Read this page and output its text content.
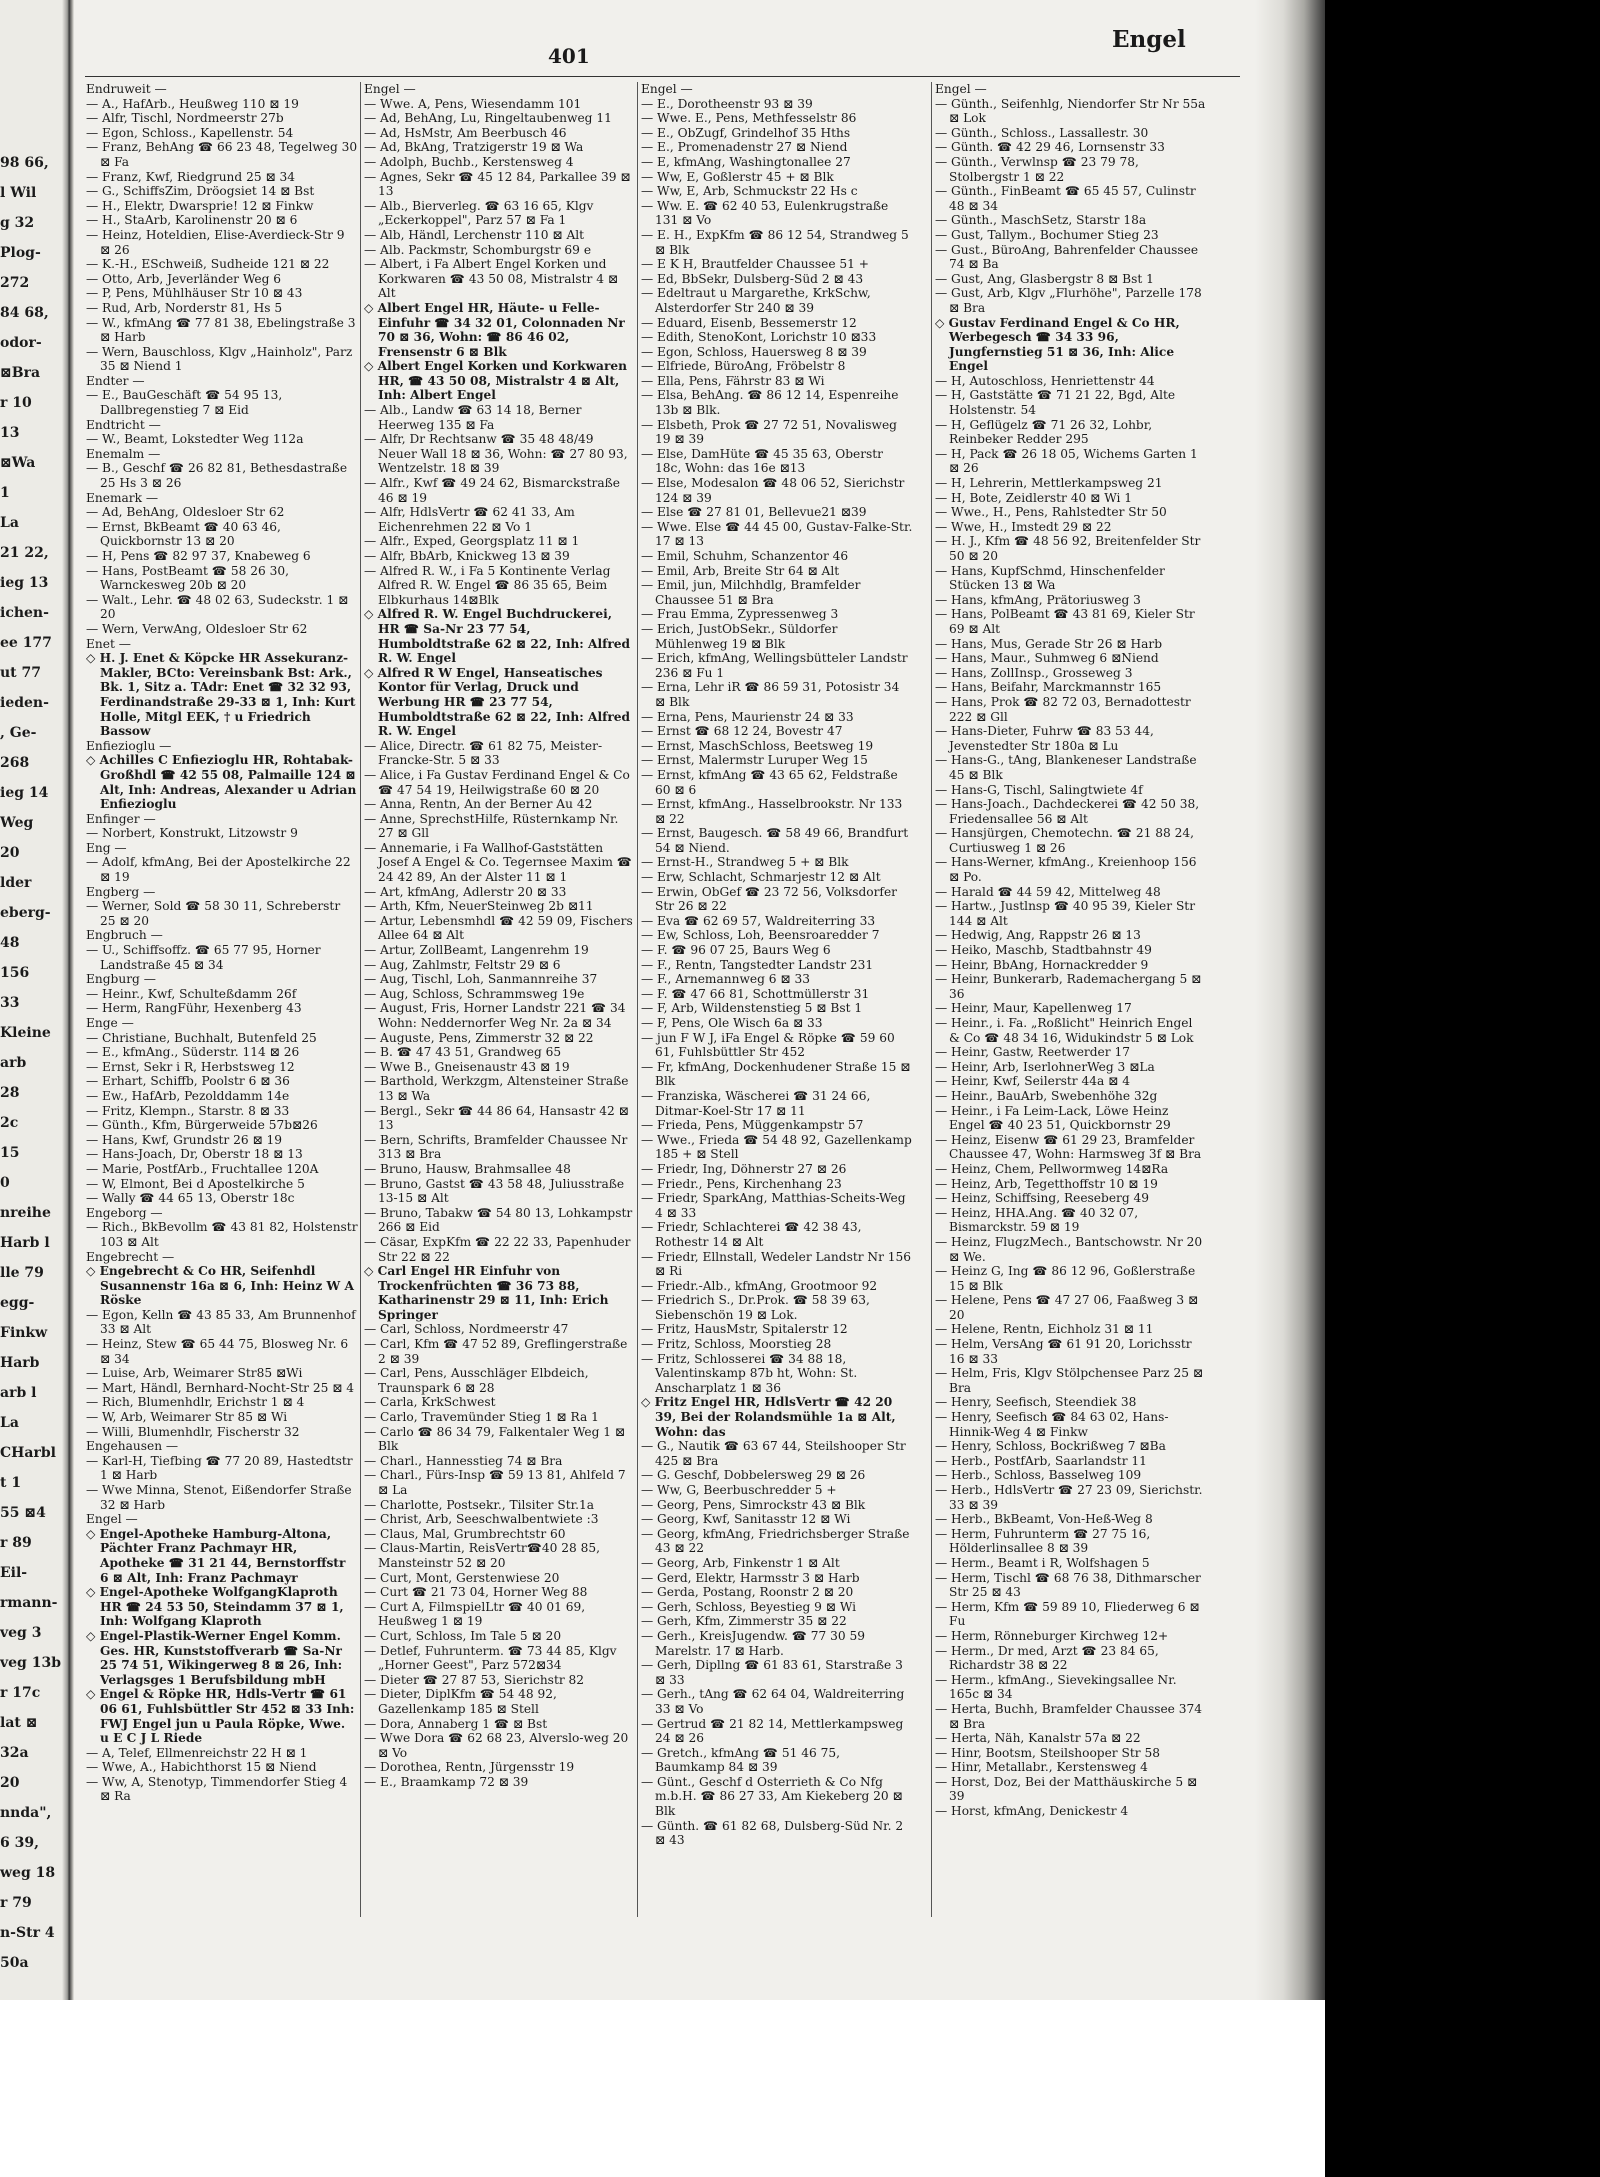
98 66,
l Wil
g 32
Plog-
272
84 68,
odor-
⊠Bra
r 10
13
⊠Wa
1
La
21 22,
ieg 13
ichen-
ee 177
ut 77
ieden-
, Ge-
268
ieg 14
Weg
20
lder
eberg-
48
156
33
Kleine
arb
28
2c
15
0
nreihe
Harb l
lle 79
egg-
Finkw
Harb
arb l
La
CHarbl
t 1
55 ⊠4
r 89
Eil-
rmann-
veg 3
veg 13b
r 17c
lat ⊠
32a
20
nnda",
6 39,
weg 18
r 79
n-Str 4
50a
401
Engel
Endruweit —
— A., HafArb., Heußweg 110 ⊠ 19
— Alfr, Tischl, Nordmeerstr 27b
— Egon, Schloss., Kapellenstr. 54
— Franz, BehAng ☎ 66 23 48, Tegelweg 30 ⊠ Fa
— Franz, Kwf, Riedgrund 25 ⊠ 34
— G., SchiffsZim, Dröogsiet 14 ⊠ Bst
— H., Elektr, Dwarsprie! 12 ⊠ Finkw
— H., StaArb, Karolinenstr 20 ⊠ 6
— Heinz, Hoteldien, Elise-Averdieck-Str 9 ⊠ 26
— K.-H., ESchweiß, Sudheide 121 ⊠ 22
— Otto, Arb, Jeverländer Weg 6
— P, Pens, Mühlhäuser Str 10 ⊠ 43
— Rud, Arb, Norderstr 81, Hs 5
— W., kfmAng ☎ 77 81 38, Ebelingstraße 3 ⊠ Harb
— Wern, Bauschloss, Klgv „Hainholz", Parz 35 ⊠ Niend 1
Endter —
— E., BauGeschäft ☎ 54 95 13, Dallbregenstieg 7 ⊠ Eid
Endtricht —
— W., Beamt, Lokstedter Weg 112a
Enemalm —
— B., Geschf ☎ 26 82 81, Bethesdastraße 25 Hs 3 ⊠ 26
Enemark —
— Ad, BehAng, Oldesloer Str 62
— Ernst, BkBeamt ☎ 40 63 46, Quickbornstr 13 ⊠ 20
— H, Pens ☎ 82 97 37, Knabeweg 6
— Hans, PostBeamt ☎ 58 26 30, Warnckesweg 20b ⊠ 20
— Walt., Lehr. ☎ 48 02 63, Sudeckstr. 1 ⊠ 20
— Wern, VerwAng, Oldesloer Str 62
Enet —
◇ H. J. Enet & Köpcke HR Assekuranz-Makler, BCto: Vereinsbank Bst: Ark., Bk. 1, Sitz a. TAdr: Enet ☎ 32 32 93, Ferdinandstraße 29-33 ⊠ 1, Inh: Kurt Holle, Mitgl EEK, † u Friedrich Bassow
Enfiezioglu —
◇ Achilles C Enfiezioglu HR, Rohtabak-Großhdl ☎ 42 55 08, Palmaille 124 ⊠ Alt, Inh: Andreas, Alexander u Adrian Enfiezioglu
Enfinger —
— Norbert, Konstrukt, Litzowstr 9
Eng —
— Adolf, kfmAng, Bei der Apostelkirche 22 ⊠ 19
Engberg —
— Werner, Sold ☎ 58 30 11, Schreberstr 25 ⊠ 20
Engbruch —
— U., Schiffsoffz. ☎ 65 77 95, Horner Landstraße 45 ⊠ 34
Engburg —
— Heinr., Kwf, Schulteßdamm 26f
— Herm, RangFühr, Hexenberg 43
Enge —
— Christiane, Buchhalt, Butenfeld 25
— E., kfmAng., Süderstr. 114 ⊠ 26
— Ernst, Sekr i R, Herbstsweg 12
— Erhart, Schiffb, Poolstr 6 ⊠ 36
— Ew., HafArb, Pezolddamm 14e
— Fritz, Klempn., Starstr. 8 ⊠ 33
— Günth., Kfm, Bürgerweide 57b⊠26
— Hans, Kwf, Grundstr 26 ⊠ 19
— Hans-Joach, Dr, Oberstr 18 ⊠ 13
— Marie, PostfArb., Fruchtallee 120A
— W, Elmont, Bei d Apostelkirche 5
— Wally ☎ 44 65 13, Oberstr 18c
Engeborg —
— Rich., BkBevollm ☎ 43 81 82, Holstenstr 103 ⊠ Alt
Engebrecht —
◇ Engebrecht & Co HR, Seifenhdl Susannenstr 16a ⊠ 6, Inh: Heinz W A Röske
— Egon, Kelln ☎ 43 85 33, Am Brunnenhof 33 ⊠ Alt
— Heinz, Stew ☎ 65 44 75, Blosweg Nr. 6 ⊠ 34
— Luise, Arb, Weimarer Str85 ⊠Wi
— Mart, Händl, Bernhard-Nocht-Str 25 ⊠ 4
— Rich, Blumenhdlr, Erichstr 1 ⊠ 4
— W, Arb, Weimarer Str 85 ⊠ Wi
— Willi, Blumenhdlr, Fischerstr 32
Engehausen —
— Karl-H, Tiefbing ☎ 77 20 89, Hastedtstr 1 ⊠ Harb
— Wwe Minna, Stenot, Eißendorfer Straße 32 ⊠ Harb
Engel —
◇ Engel-Apotheke Hamburg-Altona, Pächter Franz Pachmayr HR, Apotheke ☎ 31 21 44, Bernstorffstr 6 ⊠ Alt, Inh: Franz Pachmayr
◇ Engel-Apotheke WolfgangKlaproth HR ☎ 24 53 50, Steindamm 37 ⊠ 1, Inh: Wolfgang Klaproth
◇ Engel-Plastik-Werner Engel Komm. Ges. HR, Kunststoffverarb ☎ Sa-Nr 25 74 51, Wikingerweg 8 ⊠ 26, Inh: Verlagsges 1 Berufsbildung mbH
◇ Engel & Röpke HR, Hdls-Vertr ☎ 61 06 61, Fuhlsbüttler Str 452 ⊠ 33 Inh: FWJ Engel jun u Paula Röpke, Wwe. u E C J L Riede
— A, Telef, Ellmenreichstr 22 H ⊠ 1
— Wwe, A., Habichthorst 15 ⊠ Niend
— Ww, A, Stenotyp, Timmendorfer Stieg 4 ⊠ Ra
Engel —
— Wwe. A, Pens, Wiesendamm 101
— Ad, BehAng, Lu, Ringeltaubenweg 11
— Ad, HsMstr, Am Beerbusch 46
— Ad, BkAng, Tratzigerstr 19 ⊠ Wa
— Adolph, Buchb., Kerstensweg 4
— Agnes, Sekr ☎ 45 12 84, Parkallee 39 ⊠ 13
— Alb., Bierverleg. ☎ 63 16 65, Klgv „Eckerkoppel", Parz 57 ⊠ Fa 1
— Alb, Händl, Lerchenstr 110 ⊠ Alt
— Alb. Packmstr, Schomburgstr 69 e
— Albert, i Fa Albert Engel Korken und Korkwaren ☎ 43 50 08, Mistralstr 4 ⊠ Alt
◇ Albert Engel HR, Häute- u Felle-Einfuhr ☎ 34 32 01, Colonnaden Nr 70 ⊠ 36, Wohn: ☎ 86 46 02, Frensenstr 6 ⊠ Blk
◇ Albert Engel Korken und Korkwaren HR, ☎ 43 50 08, Mistralstr 4 ⊠ Alt, Inh: Albert Engel
— Alb., Landw ☎ 63 14 18, Berner Heerweg 135 ⊠ Fa
— Alfr, Dr Rechtsanw ☎ 35 48 48/49 Neuer Wall 18 ⊠ 36, Wohn: ☎ 27 80 93, Wentzelstr. 18 ⊠ 39
— Alfr., Kwf ☎ 49 24 62, Bismarckstraße 46 ⊠ 19
— Alfr, HdlsVertr ☎ 62 41 33, Am Eichenrehmen 22 ⊠ Vo 1
— Alfr., Exped, Georgsplatz 11 ⊠ 1
— Alfr, BbArb, Knickweg 13 ⊠ 39
— Alfred R. W., i Fa 5 Kontinente Verlag Alfred R. W. Engel ☎ 86 35 65, Beim Elbkurhaus 14⊠Blk
◇ Alfred R. W. Engel Buchdruckerei, HR ☎ Sa-Nr 23 77 54, Humboldtstraße 62 ⊠ 22, Inh: Alfred R. W. Engel
◇ Alfred R W Engel, Hanseatisches Kontor für Verlag, Druck und Werbung HR ☎ 23 77 54, Humboldtstraße 62 ⊠ 22, Inh: Alfred R. W. Engel
— Alice, Directr. ☎ 61 82 75, Meister-Francke-Str. 5 ⊠ 33
— Alice, i Fa Gustav Ferdinand Engel & Co ☎ 47 54 19, Heilwigstraße 60 ⊠ 20
— Anna, Rentn, An der Berner Au 42
— Anne, SprechstHilfe, Rüsternkamp Nr. 27 ⊠ Gll
— Annemarie, i Fa Wallhof-Gaststätten Josef A Engel & Co. Tegernsee Maxim ☎ 24 42 89, An der Alster 11 ⊠ 1
— Art, kfmAng, Adlerstr 20 ⊠ 33
— Arth, Kfm, NeuerSteinweg 2b ⊠11
— Artur, Lebensmhdl ☎ 42 59 09, Fischers Allee 64 ⊠ Alt
— Artur, ZollBeamt, Langenrehm 19
— Aug, Zahlmstr, Feltstr 29 ⊠ 6
— Aug, Tischl, Loh, Sanmannreihe 37
— Aug, Schloss, Schrammsweg 19e
— August, Fris, Horner Landstr 221 ☎ 34 Wohn: Neddernorfer Weg Nr. 2a ⊠ 34
— Auguste, Pens, Zimmerstr 32 ⊠ 22
— B. ☎ 47 43 51, Grandweg 65
— Wwe B., Gneisenaustr 43 ⊠ 19
— Barthold, Werkzgm, Altensteiner Straße 13 ⊠ Wa
— Bergl., Sekr ☎ 44 86 64, Hansastr 42 ⊠ 13
— Bern, Schrifts, Bramfelder Chaussee Nr 313 ⊠ Bra
— Bruno, Hausw, Brahmsallee 48
— Bruno, Gastst ☎ 43 58 48, Juliusstraße 13-15 ⊠ Alt
— Bruno, Tabakw ☎ 54 80 13, Lohkampstr 266 ⊠ Eid
— Cäsar, ExpKfm ☎ 22 22 33, Papenhuder Str 22 ⊠ 22
◇ Carl Engel HR Einfuhr von Trockenfrüchten ☎ 36 73 88, Katharinenstr 29 ⊠ 11, Inh: Erich Springer
— Carl, Schloss, Nordmeerstr 47
— Carl, Kfm ☎ 47 52 89, Greflingerstraße 2 ⊠ 39
— Carl, Pens, Ausschläger Elbdeich, Traunspark 6 ⊠ 28
— Carla, KrkSchwest
— Carlo, Travemünder Stieg 1 ⊠ Ra 1
— Carlo ☎ 86 34 79, Falkentaler Weg 1 ⊠ Blk
— Charl., Hannesstieg 74 ⊠ Bra
— Charl., Fürs-Insp ☎ 59 13 81, Ahlfeld 7 ⊠ La
— Charlotte, Postsekr., Tilsiter Str.1a
— Christ, Arb, Seeschwalbentwiete :3
— Claus, Mal, Grumbrechtstr 60
— Claus-Martin, ReisVertr☎40 28 85, Mansteinstr 52 ⊠ 20
— Curt, Mont, Gerstenwiese 20
— Curt ☎ 21 73 04, Horner Weg 88
— Curt A, FilmspielLtr ☎ 40 01 69, Heußweg 1 ⊠ 19
— Curt, Schloss, Im Tale 5 ⊠ 20
— Detlef, Fuhrunterm. ☎ 73 44 85, Klgv „Horner Geest", Parz 572⊠34
— Dieter ☎ 27 87 53, Sierichstr 82
— Dieter, DiplKfm ☎ 54 48 92, Gazellenkamp 185 ⊠ Stell
— Dora, Annaberg 1 ☎ ⊠ Bst
— Wwe Dora ☎ 62 68 23, Alverslo-weg 20 ⊠ Vo
— Dorothea, Rentn, Jürgensstr 19
— E., Braamkamp 72 ⊠ 39
Engel —
— E., Dorotheenstr 93 ⊠ 39
— Wwe. E., Pens, Methfesselstr 86
— E., ObZugf, Grindelhof 35 Hths
— E., Promenadenstr 27 ⊠ Niend
— E, kfmAng, Washingtonallee 27
— Ww, E, Goßlerstr 45 + ⊠ Blk
— Ww, E, Arb, Schmuckstr 22 Hs c
— Ww. E. ☎ 62 40 53, Eulenkrugstraße 131 ⊠ Vo
— E. H., ExpKfm ☎ 86 12 54, Strandweg 5 ⊠ Blk
— E K H, Brautfelder Chaussee 51 +
— Ed, BbSekr, Dulsberg-Süd 2 ⊠ 43
— Edeltraut u Margarethe, KrkSchw, Alsterdorfer Str 240 ⊠ 39
— Eduard, Eisenb, Bessemerstr 12
— Edith, StenoKont, Lorichstr 10 ⊠33
— Egon, Schloss, Hauersweg 8 ⊠ 39
— Elfriede, BüroAng, Fröbelstr 8
— Ella, Pens, Fährstr 83 ⊠ Wi
— Elsa, BehAng. ☎ 86 12 14, Espenreihe 13b ⊠ Blk.
— Elsbeth, Prok ☎ 27 72 51, Novalisweg 19 ⊠ 39
— Else, DamHüte ☎ 45 35 63, Oberstr 18c, Wohn: das 16e ⊠13
— Else, Modesalon ☎ 48 06 52, Sierichstr 124 ⊠ 39
— Else ☎ 27 81 01, Bellevue21 ⊠39
— Wwe. Else ☎ 44 45 00, Gustav-Falke-Str. 17 ⊠ 13
— Emil, Schuhm, Schanzentor 46
— Emil, Arb, Breite Str 64 ⊠ Alt
— Emil, jun, Milchhdlg, Bramfelder Chaussee 51 ⊠ Bra
— Frau Emma, Zypressenweg 3
— Erich, JustObSekr., Süldorfer Mühlenweg 19 ⊠ Blk
— Erich, kfmAng, Wellingsbütteler Landstr 236 ⊠ Fu 1
— Erna, Lehr iR ☎ 86 59 31, Potosistr 34 ⊠ Blk
— Erna, Pens, Maurienstr 24 ⊠ 33
— Ernst ☎ 68 12 24, Bovestr 47
— Ernst, MaschSchloss, Beetsweg 19
— Ernst, Malermstr Luruper Weg 15
— Ernst, kfmAng ☎ 43 65 62, Feldstraße 60 ⊠ 6
— Ernst, kfmAng., Hasselbrookstr. Nr 133 ⊠ 22
— Ernst, Baugesch. ☎ 58 49 66, Brandfurt 54 ⊠ Niend.
— Ernst-H., Strandweg 5 + ⊠ Blk
— Erw, Schlacht, Schmarjestr 12 ⊠ Alt
— Erwin, ObGef ☎ 23 72 56, Volksdorfer Str 26 ⊠ 22
— Eva ☎ 62 69 57, Waldreiterring 33
— Ew, Schloss, Loh, Beensroaredder 7
— F. ☎ 96 07 25, Baurs Weg 6
— F., Rentn, Tangstedter Landstr 231
— F., Arnemannweg 6 ⊠ 33
— F. ☎ 47 66 81, Schottmüllerstr 31
— F, Arb, Wildenstenstieg 5 ⊠ Bst 1
— F, Pens, Ole Wisch 6a ⊠ 33
— jun F W J, iFa Engel & Röpke ☎ 59 60 61, Fuhlsbüttler Str 452
— Fr, kfmAng, Dockenhudener Straße 15 ⊠ Blk
— Franziska, Wäscherei ☎ 31 24 66, Ditmar-Koel-Str 17 ⊠ 11
— Frieda, Pens, Müggenkampstr 57
— Wwe., Frieda ☎ 54 48 92, Gazellenkamp 185 + ⊠ Stell
— Friedr, Ing, Döhnerstr 27 ⊠ 26
— Friedr., Pens, Kirchenhang 23
— Friedr, SparkAng, Matthias-Scheits-Weg 4 ⊠ 33
— Friedr, Schlachterei ☎ 42 38 43, Rothestr 14 ⊠ Alt
— Friedr, Ellnstall, Wedeler Landstr Nr 156 ⊠ Ri
— Friedr.-Alb., kfmAng, Grootmoor 92
— Friedrich S., Dr.Prok. ☎ 58 39 63, Siebenschön 19 ⊠ Lok.
— Fritz, HausMstr, Spitalerstr 12
— Fritz, Schloss, Moorstieg 28
— Fritz, Schlosserei ☎ 34 88 18, Valentinskamp 87b ht, Wohn: St. Anscharplatz 1 ⊠ 36
◇ Fritz Engel HR, HdlsVertr ☎ 42 20 39, Bei der Rolandsmühle 1a ⊠ Alt, Wohn: das
— G., Nautik ☎ 63 67 44, Steilshooper Str 425 ⊠ Bra
— G. Geschf, Dobbelersweg 29 ⊠ 26
— Ww, G, Beerbuschredder 5 +
— Georg, Pens, Simrockstr 43 ⊠ Blk
— Georg, Kwf, Sanitasstr 12 ⊠ Wi
— Georg, kfmAng, Friedrichsberger Straße 43 ⊠ 22
— Georg, Arb, Finkenstr 1 ⊠ Alt
— Gerd, Elektr, Harmsstr 3 ⊠ Harb
— Gerda, Postang, Roonstr 2 ⊠ 20
— Gerh, Schloss, Beyestieg 9 ⊠ Wi
— Gerh, Kfm, Zimmerstr 35 ⊠ 22
— Gerh., KreisJugendw. ☎ 77 30 59 Marelstr. 17 ⊠ Harb.
— Gerh, Dipllng ☎ 61 83 61, Starstraße 3 ⊠ 33
— Gerh., tAng ☎ 62 64 04, Waldreiterring 33 ⊠ Vo
— Gertrud ☎ 21 82 14, Mettlerkampsweg 24 ⊠ 26
— Gretch., kfmAng ☎ 51 46 75, Baumkamp 84 ⊠ 39
— Günt., Geschf d Osterrieth & Co Nfg m.b.H. ☎ 86 27 33, Am Kiekeberg 20 ⊠ Blk
— Günth. ☎ 61 82 68, Dulsberg-Süd Nr. 2 ⊠ 43
Engel —
— Günth., Seifenhlg, Niendorfer Str Nr 55a ⊠ Lok
— Günth., Schloss., Lassallestr. 30
— Günth. ☎ 42 29 46, Lornsenstr 33
— Günth., Verwlnsp ☎ 23 79 78, Stolbergstr 1 ⊠ 22
— Günth., FinBeamt ☎ 65 45 57, Culinstr 48 ⊠ 34
— Günth., MaschSetz, Starstr 18a
— Gust, Tallym., Bochumer Stieg 23
— Gust., BüroAng, Bahrenfelder Chaussee 74 ⊠ Ba
— Gust, Ang, Glasbergstr 8 ⊠ Bst 1
— Gust, Arb, Klgv „Flurhöhe", Parzelle 178 ⊠ Bra
◇ Gustav Ferdinand Engel & Co HR, Werbegesch ☎ 34 33 96, Jungfernstieg 51 ⊠ 36, Inh: Alice Engel
— H, Autoschloss, Henriettenstr 44
— H, Gaststätte ☎ 71 21 22, Bgd, Alte Holstenstr. 54
— H, Geflügelz ☎ 71 26 32, Lohbr, Reinbeker Redder 295
— H, Pack ☎ 26 18 05, Wichems Garten 1 ⊠ 26
— H, Lehrerin, Mettlerkampsweg 21
— H, Bote, Zeidlerstr 40 ⊠ Wi 1
— Wwe., H., Pens, Rahlstedter Str 50
— Wwe, H., Imstedt 29 ⊠ 22
— H. J., Kfm ☎ 48 56 92, Breitenfelder Str 50 ⊠ 20
— Hans, KupfSchmd, Hinschenfelder Stücken 13 ⊠ Wa
— Hans, kfmAng, Prätoriusweg 3
— Hans, PolBeamt ☎ 43 81 69, Kieler Str 69 ⊠ Alt
— Hans, Mus, Gerade Str 26 ⊠ Harb
— Hans, Maur., Suhmweg 6 ⊠Niend
— Hans, ZollInsp., Grosseweg 3
— Hans, Beifahr, Marckmannstr 165
— Hans, Prok ☎ 82 72 03, Bernadottestr 222 ⊠ Gll
— Hans-Dieter, Fuhrw ☎ 83 53 44, Jevenstedter Str 180a ⊠ Lu
— Hans-G., tAng, Blankeneser Landstraße 45 ⊠ Blk
— Hans-G, Tischl, Salingtwiete 4f
— Hans-Joach., Dachdeckerei ☎ 42 50 38, Friedensallee 56 ⊠ Alt
— Hansjürgen, Chemotechn. ☎ 21 88 24, Curtiusweg 1 ⊠ 26
— Hans-Werner, kfmAng., Kreienhoop 156 ⊠ Po.
— Harald ☎ 44 59 42, Mittelweg 48
— Hartw., Justlnsp ☎ 40 95 39, Kieler Str 144 ⊠ Alt
— Hedwig, Ang, Rappstr 26 ⊠ 13
— Heiko, Maschb, Stadtbahnstr 49
— Heinr, BbAng, Hornackredder 9
— Heinr, Bunkerarb, Rademachergang 5 ⊠ 36
— Heinr, Maur, Kapellenweg 17
— Heinr., i. Fa. „Roßlicht" Heinrich Engel & Co ☎ 48 34 16, Widukindstr 5 ⊠ Lok
— Heinr, Gastw, Reetwerder 17
— Heinr, Arb, IserlohnerWeg 3 ⊠La
— Heinr, Kwf, Seilerstr 44a ⊠ 4
— Heinr., BauArb, Swebenhöhe 32g
— Heinr., i Fa Leim-Lack, Löwe Heinz Engel ☎ 40 23 51, Quickbornstr 29
— Heinz, Eisenw ☎ 61 29 23, Bramfelder Chaussee 47, Wohn: Harmsweg 3f ⊠ Bra
— Heinz, Chem, Pellwormweg 14⊠Ra
— Heinz, Arb, Tegetthoffstr 10 ⊠ 19
— Heinz, Schiffsing, Reeseberg 49
— Heinz, HHA.Ang. ☎ 40 32 07, Bismarckstr. 59 ⊠ 19
— Heinz, FlugzMech., Bantschowstr. Nr 20 ⊠ We.
— Heinz G, Ing ☎ 86 12 96, Goßlerstraße 15 ⊠ Blk
— Helene, Pens ☎ 47 27 06, Faaßweg 3 ⊠ 20
— Helene, Rentn, Eichholz 31 ⊠ 11
— Helm, VersAng ☎ 61 91 20, Lorichsstr 16 ⊠ 33
— Helm, Fris, Klgv Stölpchensee Parz 25 ⊠ Bra
— Henry, Seefisch, Steendiek 38
— Henry, Seefisch ☎ 84 63 02, Hans-Hinnik-Weg 4 ⊠ Finkw
— Henry, Schloss, Bockrißweg 7 ⊠Ba
— Herb., PostfArb, Saarlandstr 11
— Herb., Schloss, Basselweg 109
— Herb., HdlsVertr ☎ 27 23 09, Sierichstr. 33 ⊠ 39
— Herb., BkBeamt, Von-Heß-Weg 8
— Herm, Fuhrunterm ☎ 27 75 16, Hölderlinsallee 8 ⊠ 39
— Herm., Beamt i R, Wolfshagen 5
— Herm, Tischl ☎ 68 76 38, Dithmarscher Str 25 ⊠ 43
— Herm, Kfm ☎ 59 89 10, Fliederweg 6 ⊠ Fu
— Herm, Rönneburger Kirchweg 12+
— Herm., Dr med, Arzt ☎ 23 84 65, Richardstr 38 ⊠ 22
— Herm., kfmAng., Sievekingsallee Nr. 165c ⊠ 34
— Herta, Buchh, Bramfelder Chaussee 374 ⊠ Bra
— Herta, Näh, Kanalstr 57a ⊠ 22
— Hinr, Bootsm, Steilshooper Str 58
— Hinr, Metallabr., Kerstensweg 4
— Horst, Doz, Bei der Matthäuskirche 5 ⊠ 39
— Horst, kfmAng, Denickestr 4
